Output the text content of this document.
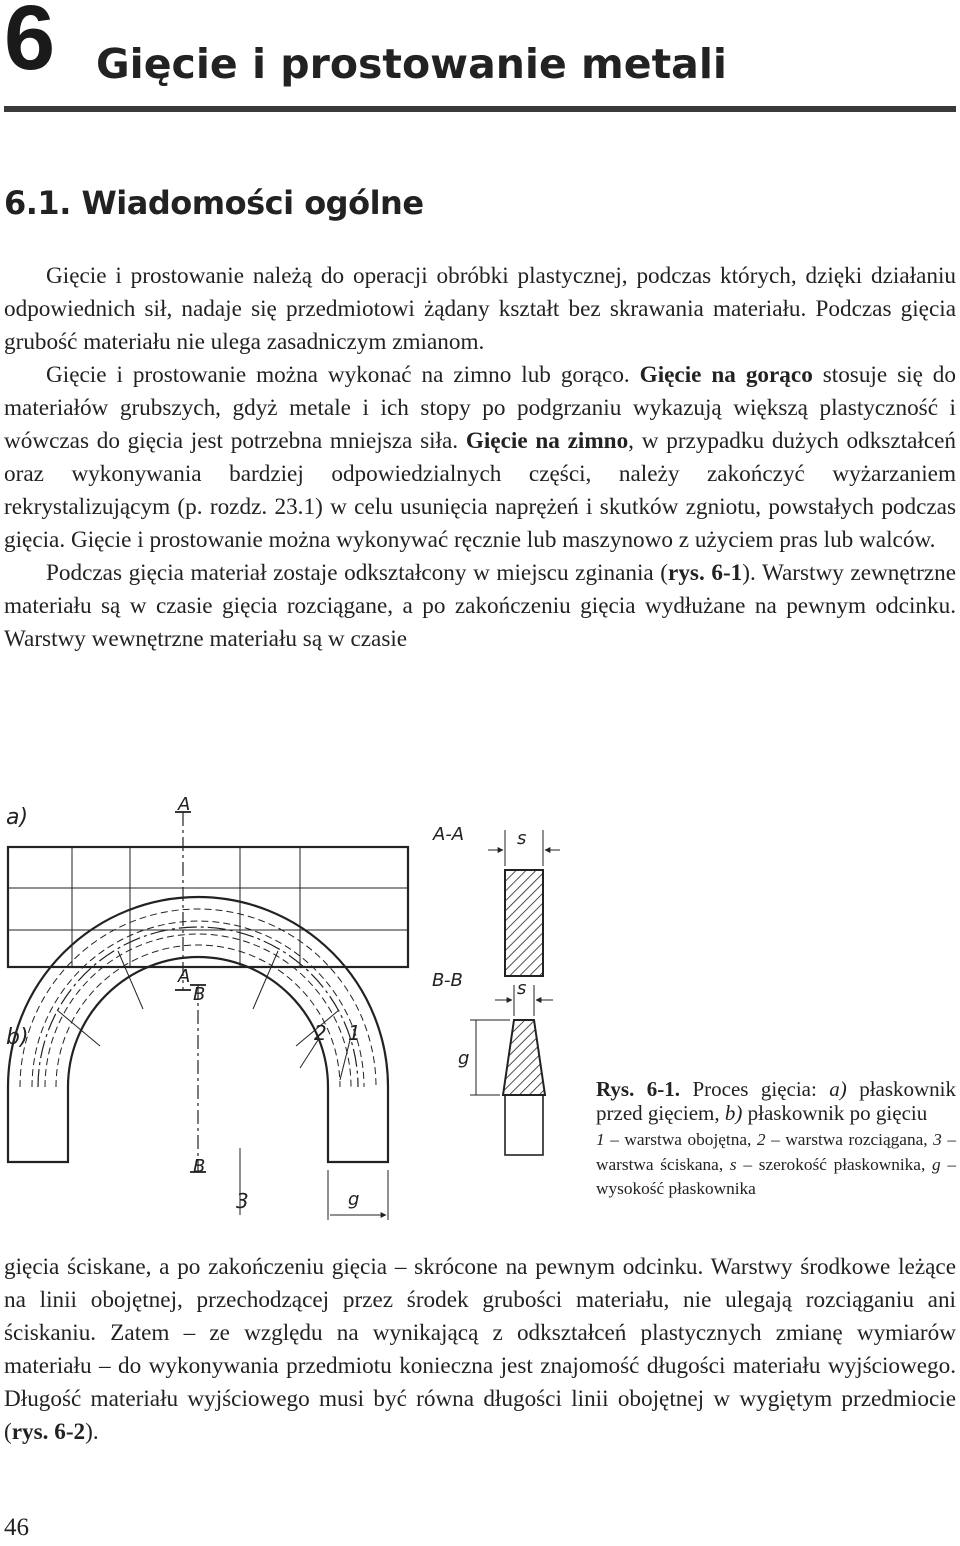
6 Gięcie i prostowanie metali
6.1. Wiadomości ogólne

Gięcie i prostowanie należą do operacji obróbki plastycznej, podczas których, dzięki działaniu odpowiednich sił, nadaje się przedmiotowi żądany kształt bez skrawania materiału. Podczas gięcia grubość materiału nie ulega zasadniczym zmianom.

Gięcie i prostowanie można wykonać na zimno lub gorąco. Gięcie na gorąco stosuje się do materiałów grubszych, gdyż metale i ich stopy po podgrzaniu wykazują większą plastyczność i wówczas do gięcia jest potrzebna mniejsza siła. Gięcie na zimno, w przypadku dużych odkształceń oraz wykonywania bardziej odpowiedzialnych części, należy zakończyć wyżarzaniem rekrystalizującym (p. rozdz. 23.1) w celu usunięcia naprężeń i skutków zgniotu, powstałych podczas gięcia. Gięcie i prostowanie można wykonywać ręcznie lub maszynowo z użyciem pras lub walców.

Podczas gięcia materiał zostaje odkształcony w miejscu zginania (rys. 6-1). Warstwy zewnętrzne materiału są w czasie gięcia rozciągane, a po zakończeniu gięcia wydłużane na pewnym odcinku. Warstwy wewnętrzne materiału są w czasie

a)
b)
A
A
B
B
A-A
B-B
s
s
g
1
2
3	g
Rys. 6-1. Proces gięcia: a) płaskownik przed gięciem, b) płaskownik po gięciu
1 – warstwa obojętna, 2 – warstwa rozciągana, 3 – warstwa ściskana, s – szerokość płaskownika, g – wysokość płaskownika

gięcia ściskane, a po zakończeniu gięcia – skrócone na pewnym odcinku. Warstwy środkowe leżące na linii obojętnej, przechodzącej przez środek grubości materiału, nie ulegają rozciąganiu ani ściskaniu. Zatem – ze względu na wynikającą z odkształceń plastycznych zmianę wymiarów materiału – do wykonywania przedmiotu konieczna jest znajomość długości materiału wyjściowego. Długość materiału wyjściowego musi być równa długości linii obojętnej w wygiętym przedmiocie (rys. 6-2).

46
